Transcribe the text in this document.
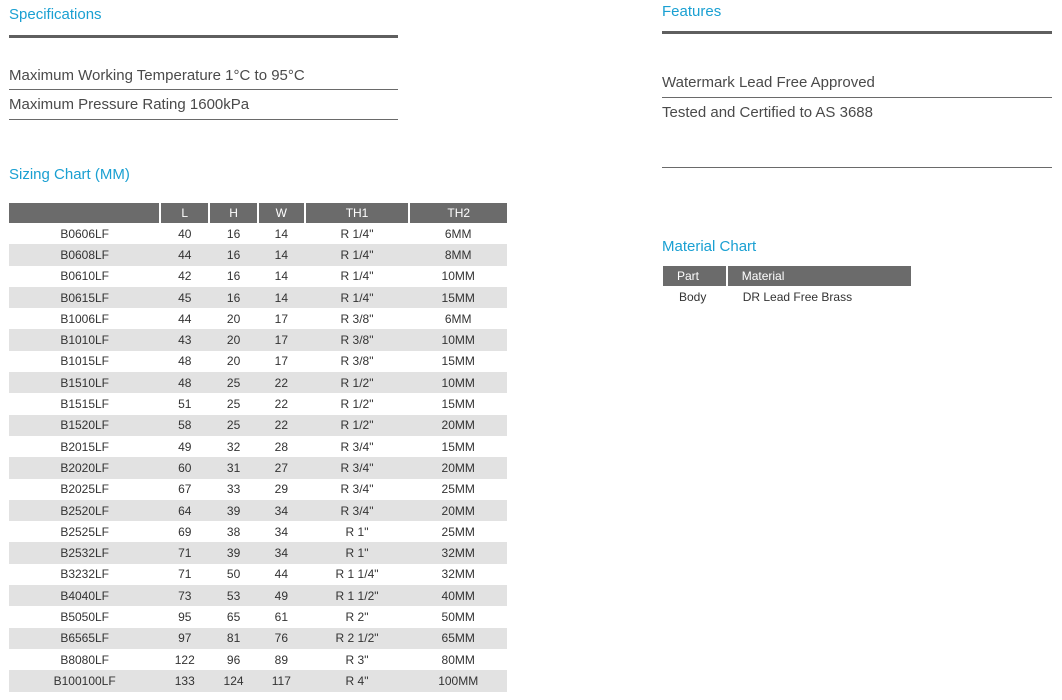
Specifications
Maximum Working Temperature 1°C to 95°C
Maximum Pressure Rating 1600kPa
Features
Watermark Lead Free Approved
Tested and Certified to AS 3688
Sizing Chart (MM)
	L	H	W	TH1	TH2
B0606LF	40	16	14	R 1/4"	6MM
B0608LF	44	16	14	R 1/4"	8MM
B0610LF	42	16	14	R 1/4"	10MM
B0615LF	45	16	14	R 1/4"	15MM
B1006LF	44	20	17	R 3/8"	6MM
B1010LF	43	20	17	R 3/8"	10MM
B1015LF	48	20	17	R 3/8"	15MM
B1510LF	48	25	22	R 1/2"	10MM
B1515LF	51	25	22	R 1/2"	15MM
B1520LF	58	25	22	R 1/2"	20MM
B2015LF	49	32	28	R 3/4"	15MM
B2020LF	60	31	27	R 3/4"	20MM
B2025LF	67	33	29	R 3/4"	25MM
B2520LF	64	39	34	R 3/4"	20MM
B2525LF	69	38	34	R 1"	25MM
B2532LF	71	39	34	R 1"	32MM
B3232LF	71	50	44	R 1 1/4"	32MM
B4040LF	73	53	49	R 1 1/2"	40MM
B5050LF	95	65	61	R 2"	50MM
B6565LF	97	81	76	R 2 1/2"	65MM
B8080LF	122	96	89	R 3"	80MM
B100100LF	133	124	117	R 4"	100MM
Material Chart
Part	Material
Body	DR Lead Free Brass
